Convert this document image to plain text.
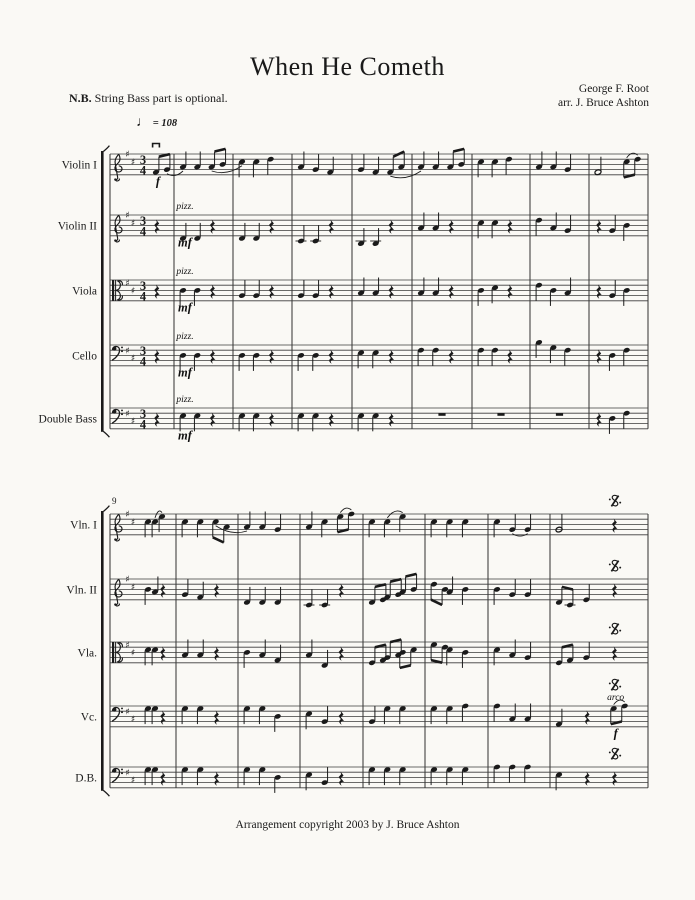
When He Cometh
N.B. String Bass part is optional.
George F. Root
arr. J. Bruce Ashton
♩ = 108
Violin I
♯
♯ 3
4
f
Violin II
♯
♯ 3
4
pizz.
mf
Viola
♯
♯ 3
4
pizz.
mf
Cello	♯
♯
3
4
pizz.
mf
Double Bass	♯
♯
3
4
pizz.
mf
9
Vln. I
♯
♯
Vln. II
♯
♯
Vla.
♯
♯
Vc.	♯
♯
arco
f
D.B.	♯
♯
Arrangement copyright 2003 by J. Bruce Ashton
